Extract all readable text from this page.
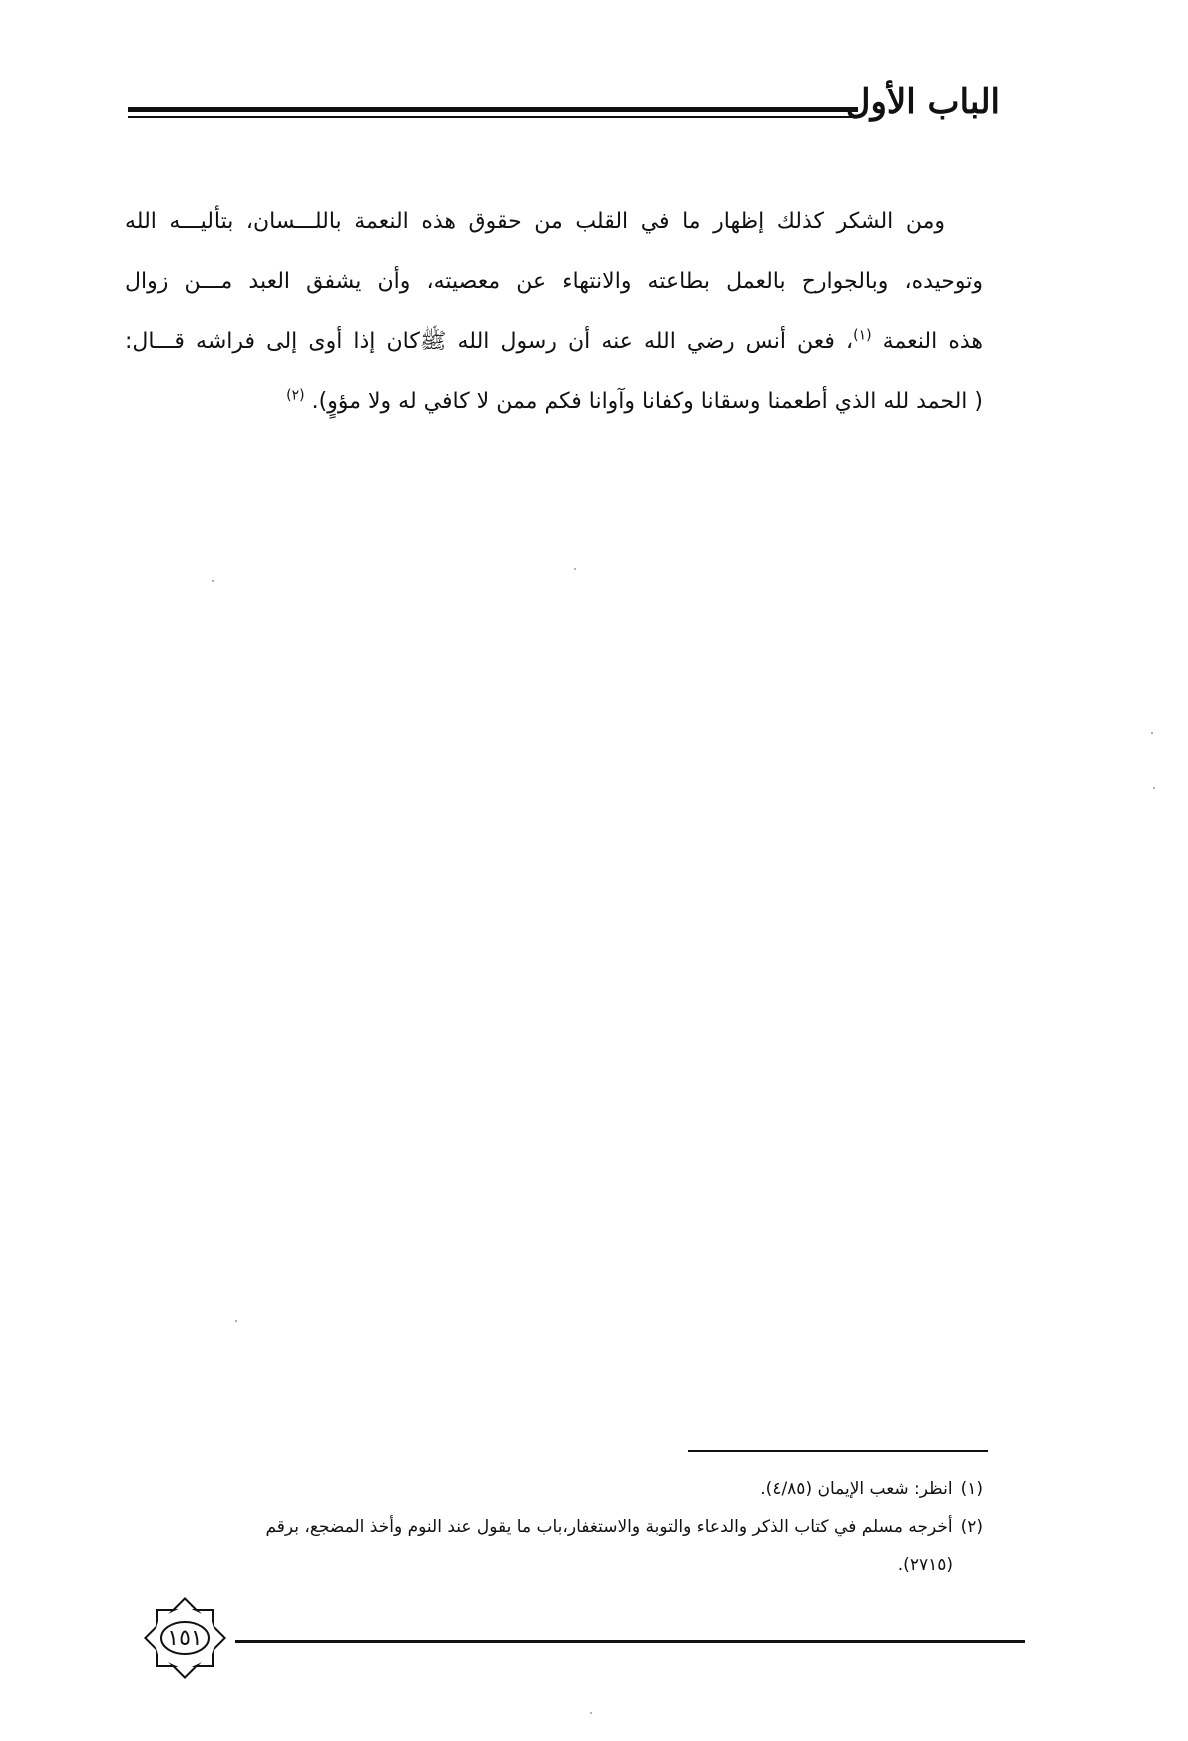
الباب الأول
ومن الشكر كذلك إظهار ما في القلب من حقوق هذه النعمة باللـــسان، بتأليـــه الله
وتوحيده، وبالجوارح بالعمل بطاعته والانتهاء عن معصيته، وأن يشفق العبد مـــن زوال
هذه النعمة $^{(١)}$، فعن أنس رضي الله عنه أن رسول الله ﷺكان إذا أوى إلى فراشه قـــال:
( الحمد لله الذي أطعمنا وسقانا وكفانا وآوانا فكم ممن لا كافي له ولا مؤوٍ). $^{(٢)}$
(١)انظر: شعب الإيمان (٤/٨٥).
(٢)أخرجه مسلم في كتاب الذكر والدعاء والتوبة والاستغفار،باب ما يقول عند النوم وأخذ المضجع، برقم
(٢٧١٥).
١٥١
